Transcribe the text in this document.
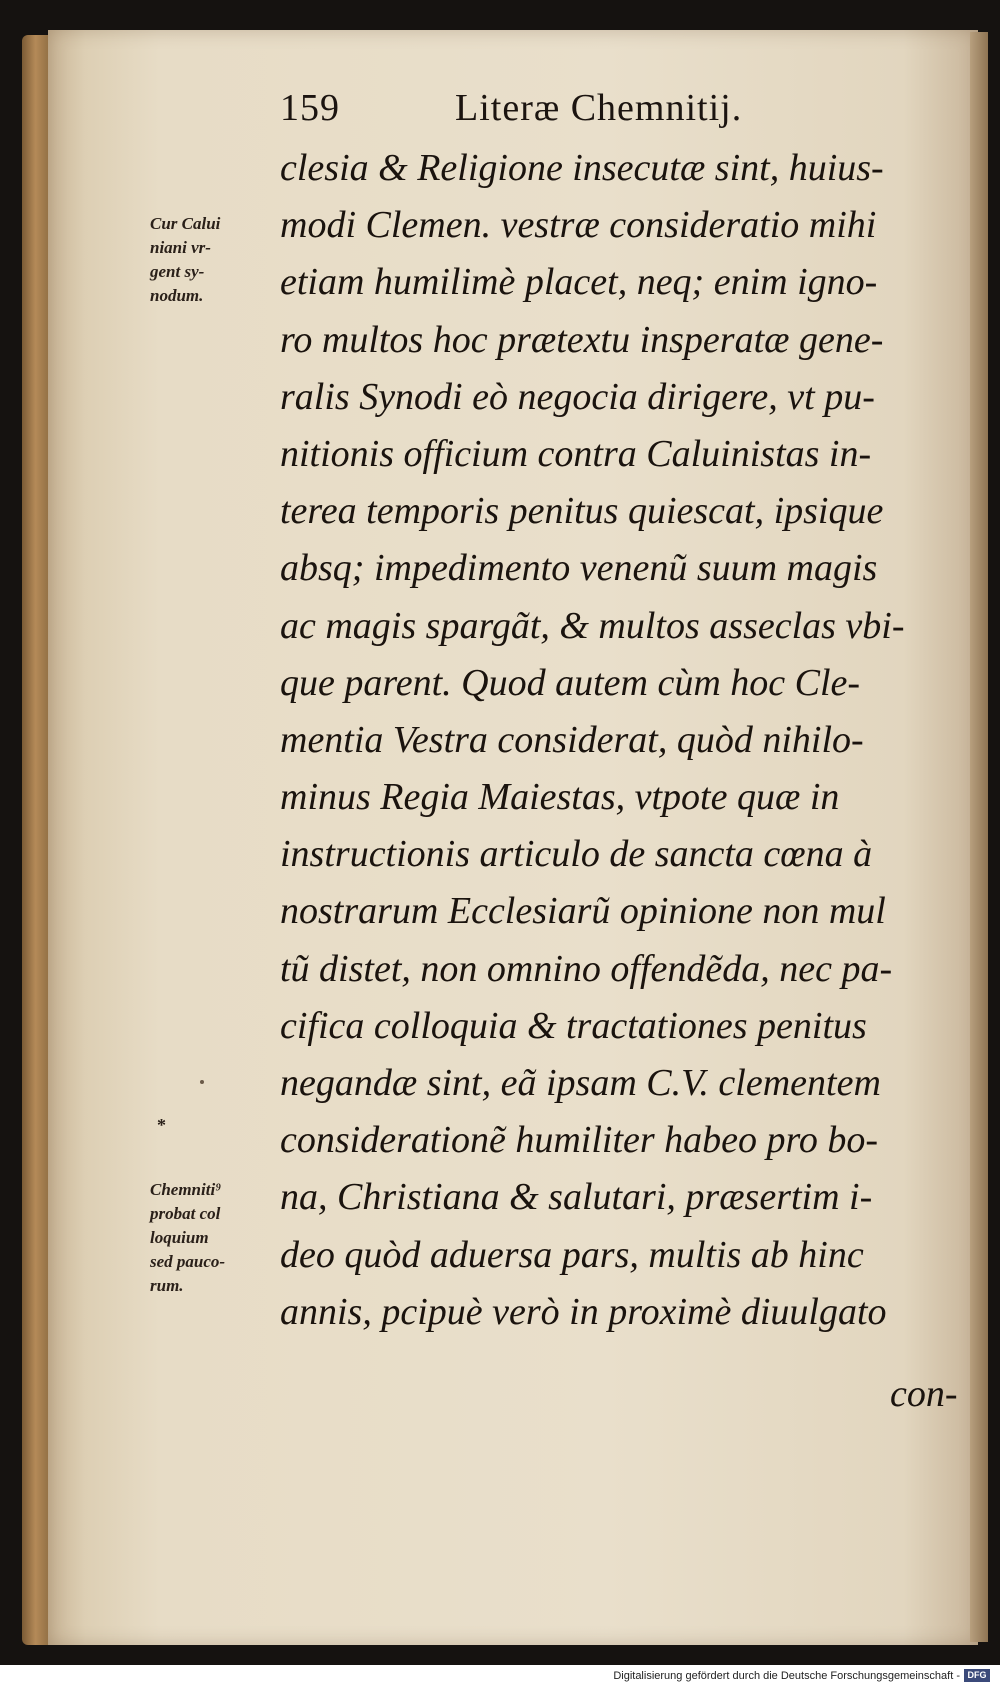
159	Literæ Chemnitij.
clesia & Religione insecutæ sint, huius-
modi Clemen. vestræ consideratio mihi
etiam humilimè placet, neq; enim igno-
ro multos hoc prætextu insperatæ gene-
ralis Synodi eò negocia dirigere, vt pu-
nitionis officium contra Caluinistas in-
terea temporis penitus quiescat, ipsique
absq; impedimento venenũ suum magis
ac magis spargãt, & multos asseclas vbi-
que parent. Quod autem cùm hoc Cle-
mentia Vestra considerat, quòd nihilo-
minus Regia Maiestas, vtpote quæ in
instructionis articulo de sancta cœna à
nostrarum Ecclesiarũ opinione non mul
tũ distet, non omnino offendẽda, nec pa-
cifica colloquia & tractationes penitus
negandæ sint, eã ipsam C.V. clementem
considerationẽ humiliter habeo pro bo-
na, Christiana & salutari, præsertim i-
deo quòd aduersa pars, multis ab hinc
annis, pcipuè verò in proximè diuulgato
con-
Cur Calui
niani vr-
gent sy-
nodum.
*
Chemniti⁹
probat col
loquium
sed pauco-
rum.
Digitalisierung gefördert durch die Deutsche Forschungsgemeinschaft - DFG
